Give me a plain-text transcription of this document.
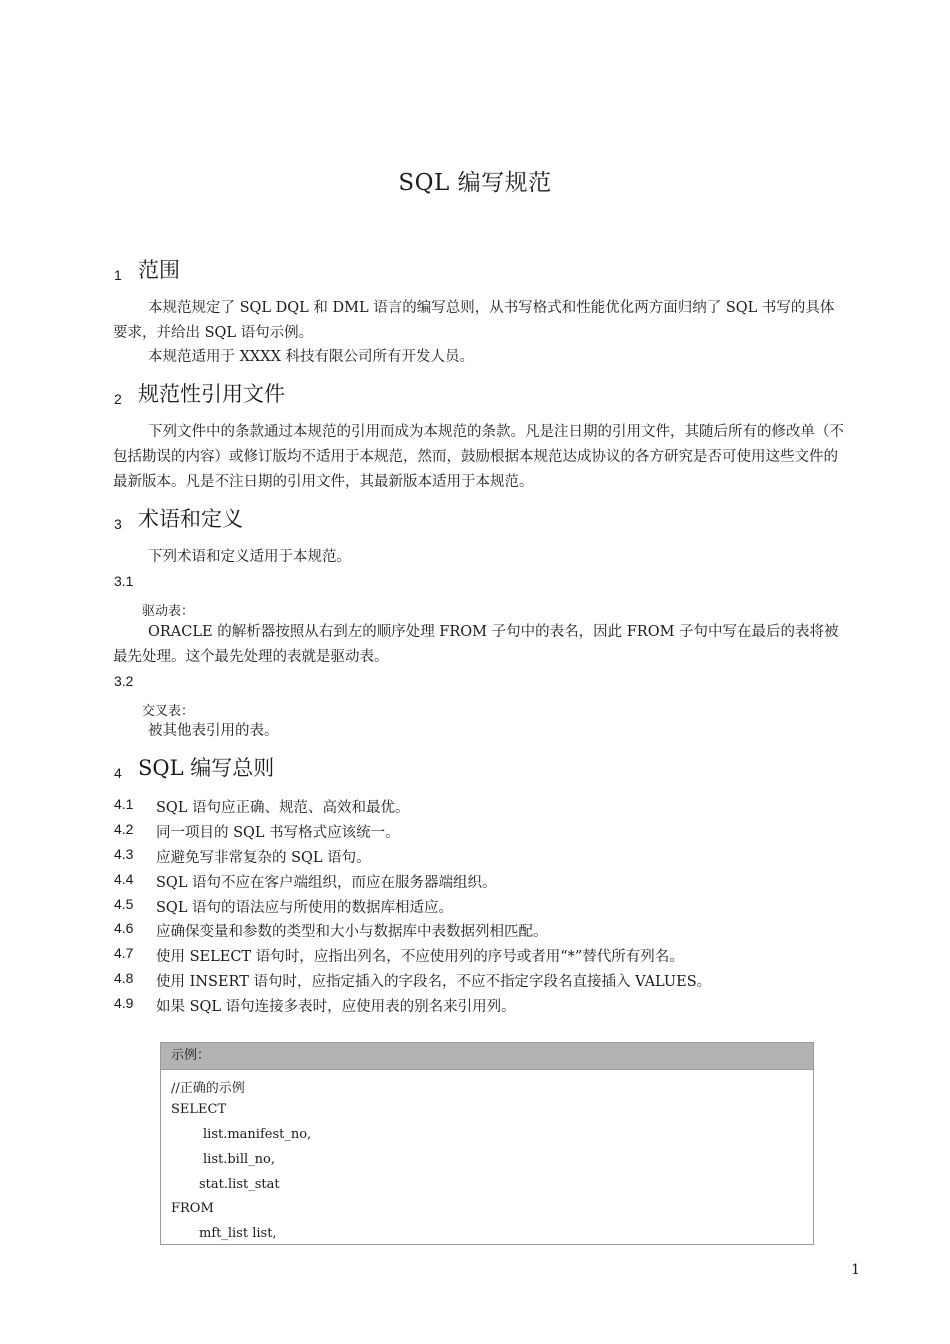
SQL 编写规范
1 范围
本规范规定了 SQL DQL 和 DML 语言的编写总则，从书写格式和性能优化两方面归纳了 SQL 书写的具体要求，并给出 SQL 语句示例。
本规范适用于 XXXX 科技有限公司所有开发人员。
2 规范性引用文件
下列文件中的条款通过本规范的引用而成为本规范的条款。凡是注日期的引用文件，其随后所有的修改单（不包括勘误的内容）或修订版均不适用于本规范，然而，鼓励根据本规范达成协议的各方研究是否可使用这些文件的最新版本。凡是不注日期的引用文件，其最新版本适用于本规范。
3 术语和定义
下列术语和定义适用于本规范。
3.1
驱动表：
ORACLE 的解析器按照从右到左的顺序处理 FROM 子句中的表名，因此 FROM 子句中写在最后的表将被最先处理。这个最先处理的表就是驱动表。
3.2
交叉表：
被其他表引用的表。
4 SQL 编写总则
4.1	SQL 语句应正确、规范、高效和最优。
4.2	同一项目的 SQL 书写格式应该统一。
4.3	应避免写非常复杂的 SQL 语句。
4.4	SQL 语句不应在客户端组织，而应在服务器端组织。
4.5	SQL 语句的语法应与所使用的数据库相适应。
4.6	应确保变量和参数的类型和大小与数据库中表数据列相匹配。
4.7	使用 SELECT 语句时，应指出列名，不应使用列的序号或者用“*”替代所有列名。
4.8	使用 INSERT 语句时，应指定插入的字段名，不应不指定字段名直接插入 VALUES。
4.9	如果 SQL 语句连接多表时，应使用表的别名来引用列。
示例：
//正确的示例
SELECT
list.manifest_no,
list.bill_no,
stat.list_stat
FROM
mft_list list,
1
